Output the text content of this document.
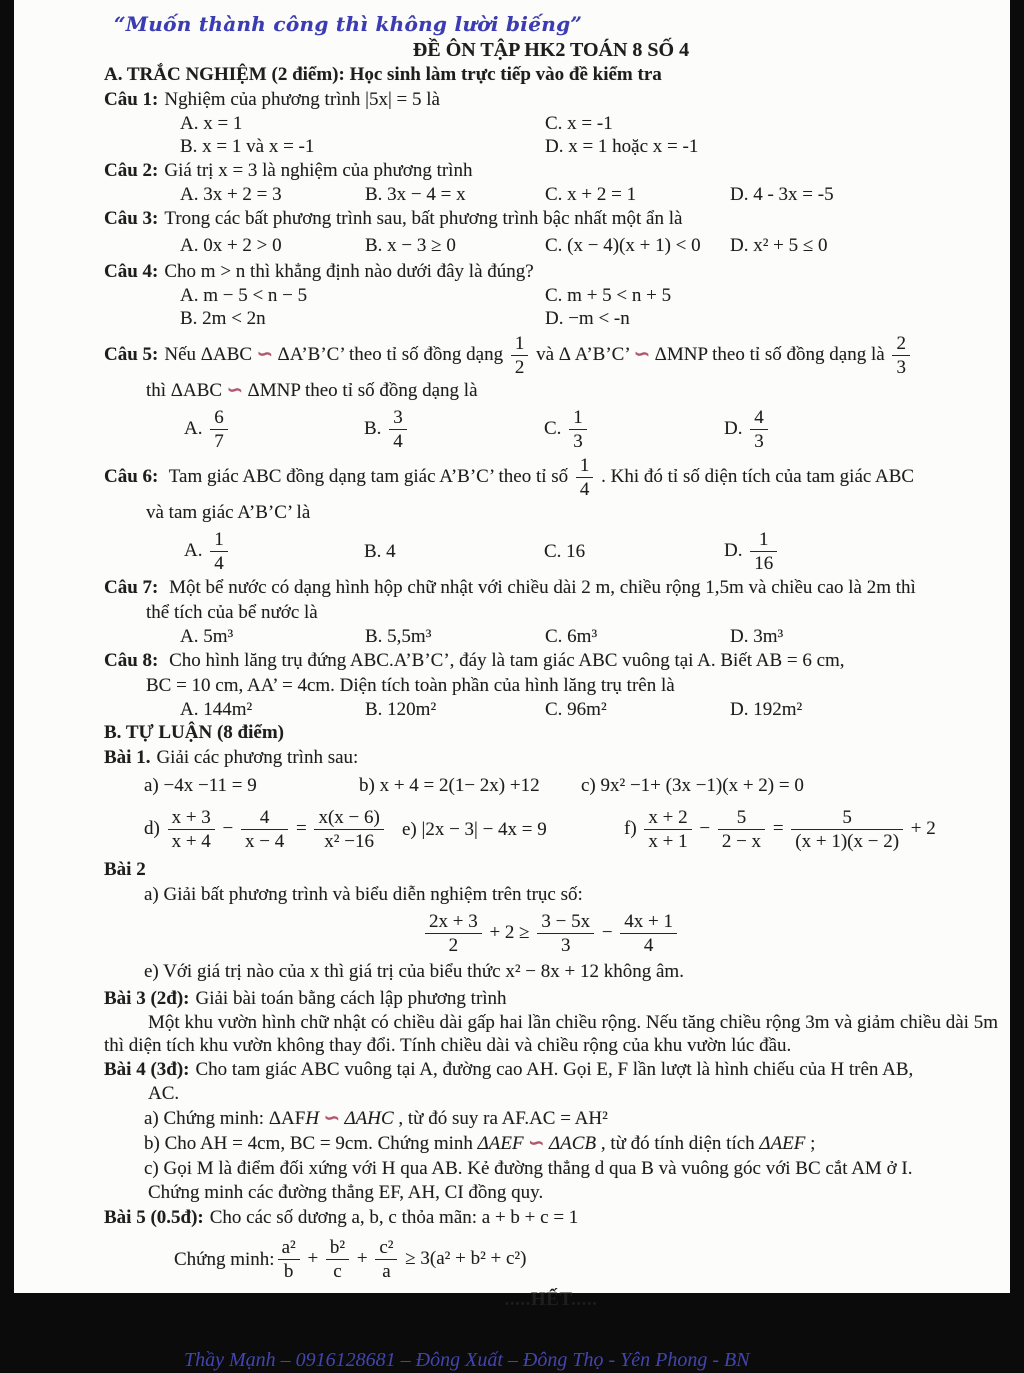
“Muốn thành công thì không lười biếng”
ĐỀ ÔN TẬP HK2 TOÁN 8 SỐ 4
A. TRẮC NGHIỆM (2 điểm): Học sinh làm trực tiếp vào đề kiểm tra
Câu 1: Nghiệm của phương trình |5x| = 5 là
A. x = 1	C. x = -1
B. x = 1 và x = -1	D. x = 1 hoặc x = -1
Câu 2: Giá trị x = 3 là nghiệm của phương trình
A. 3x + 2 = 3	B. 3x − 4 = x	C. x + 2 = 1	D. 4 - 3x = -5
Câu 3: Trong các bất phương trình sau, bất phương trình bậc nhất một ẩn là
A. 0x + 2 > 0	B. x − 3 ≥ 0	C. (x − 4)(x + 1) < 0	D. x² + 5 ≤ 0
Câu 4: Cho m > n thì khẳng định nào dưới đây là đúng?
A. m − 5 < n − 5	C. m + 5 < n + 5
B. 2m < 2n	D. −m < -n
Câu 5: Nếu ΔABC ∽ ΔA’B’C’ theo tỉ số đồng dạng $\frac{1}{2}$ và Δ A’B’C’ ∽ ΔMNP theo tỉ số đồng dạng là $\frac{2}{3}$
thì ΔABC ∽ ΔMNP theo tỉ số đồng dạng là
A. $\frac{6}{7}$	B. $\frac{3}{4}$	C. $\frac{1}{3}$	D. $\frac{4}{3}$
Câu 6: Tam giác ABC đồng dạng tam giác A’B’C’ theo tỉ số $\frac{1}{4}$ . Khi đó tỉ số diện tích của tam giác ABC
và tam giác A’B’C’ là
A. $\frac{1}{4}$	B. 4	C. 16	D. $\frac{1}{16}$
Câu 7: Một bể nước có dạng hình hộp chữ nhật với chiều dài 2 m, chiều rộng 1,5m và chiều cao là 2m thì
thể tích của bể nước là
A. 5m³	B. 5,5m³	C. 6m³	D. 3m³
Câu 8: Cho hình lăng trụ đứng ABC.A’B’C’, đáy là tam giác ABC vuông tại A. Biết AB = 6 cm,
BC = 10 cm, AA’ = 4cm. Diện tích toàn phần của hình lăng trụ trên là
A. 144m²	B. 120m²	C. 96m²	D. 192m²
B. TỰ LUẬN (8 điểm)
Bài 1. Giải các phương trình sau:
a) −4x −11 = 9	b) x + 4 = 2(1− 2x) +12	c) 9x² −1+ (3x −1)(x + 2) = 0
$d) \frac{x + 3}{x + 4} - \frac{4}{x - 4} = \frac{x(x - 6)}{\text{x² −16}} e$) |2x − 3| − 4x = 9	$f) \frac{x + 2}{x + 1} - \frac{5}{2 - x} = \frac{5}{(x + 1)(x - 2)} + 2$
Bài 2
a) Giải bất phương trình và biểu diễn nghiệm trên trục số:
$\frac{2x + 3}{2} + 2 \ge \frac{3 - 5x}{3} - \frac{4x + 1}{4}$
e) Với giá trị nào của x thì giá trị của biểu thức x² − 8x + 12 không âm.
Bài 3 (2đ): Giải bài toán bằng cách lập phương trình
Một khu vườn hình chữ nhật có chiều dài gấp hai lần chiều rộng. Nếu tăng chiều rộng 3m và giảm chiều dài 5m thì diện tích khu vườn không thay đổi. Tính chiều dài và chiều rộng của khu vườn lúc đầu.
Bài 4 (3đ): Cho tam giác ABC vuông tại A, đường cao AH. Gọi E, F lần lượt là hình chiếu của H trên AB,
AC.
a) Chứng minh: ΔAFH ∽ ΔAHC , từ đó suy ra AF.AC = AH²
b) Cho AH = 4cm, BC = 9cm. Chứng minh ΔAEF ∽ ΔACB , từ đó tính diện tích ΔAEF ;
c) Gọi M là điểm đối xứng với H qua AB. Kẻ đường thẳng d qua B và vuông góc với BC cắt AM ở I.
Chứng minh các đường thẳng EF, AH, CI đồng quy.
Bài 5 (0.5đ): Cho các số dương a, b, c thỏa mãn: a + b + c = 1
Chứng minh: $\frac{\text{a²}}{b} + \frac{\text{b²}}{c} + \frac{\text{c²}}{a} \ge 3(a^2 + b^2 + c^2)$
.....HẾT.....
Thầy Mạnh – 0916128681 – Đông Xuất – Đông Thọ - Yên Phong - BN
